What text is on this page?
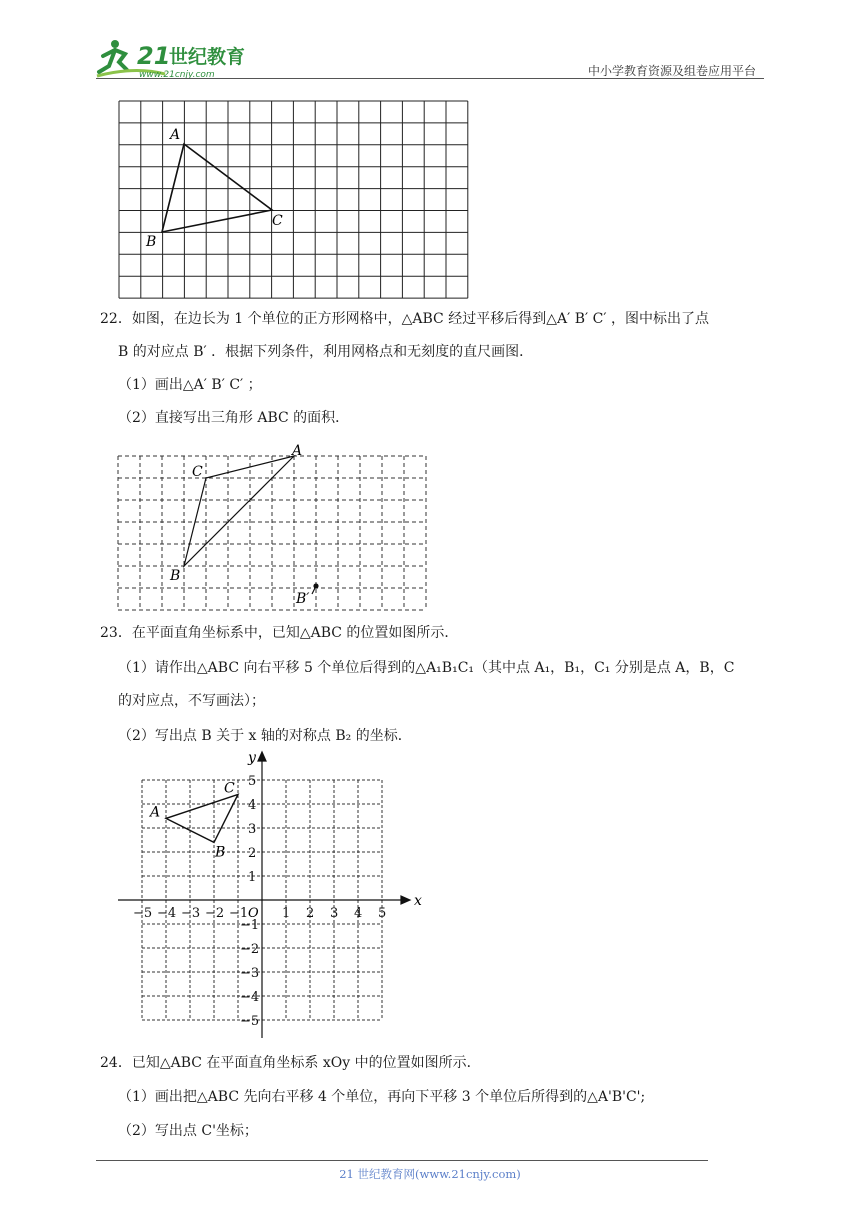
21
世纪教育
www.21cnjy.com	中小学教育资源及组卷应用平台
A
B
C
22．如图，在边长为 1 个单位的正方形网格中，△ABC 经过平移后得到△A′ B′ C′ ，图中标出了点
B 的对应点 B′ ．根据下列条件，利用网格点和无刻度的直尺画图．
（1）画出△A′ B′ C′ ；
（2）直接写出三角形 ABC 的面积．
A
C
B
B′
23．在平面直角坐标系中，已知△ABC 的位置如图所示．
（1）请作出△ABC 向右平移 5 个单位后得到的△A₁B₁C₁（其中点 A₁，B₁，C₁ 分别是点 A，B，C
的对应点，不写画法）；
（2）写出点 B 关于 x 轴的对称点 B₂ 的坐标．
−5 −4 −3 −2 −1	1 2 3 4 5
5
4
3
2
1
−1
−2
−3
−4
−5
A
B
C
x
y
O
24．已知△ABC 在平面直角坐标系 xOy 中的位置如图所示．
（1）画出把△ABC 先向右平移 4 个单位，再向下平移 3 个单位后所得到的△A'B'C';
（2）写出点 C'坐标；
21 世纪教育网(www.21cnjy.com)
